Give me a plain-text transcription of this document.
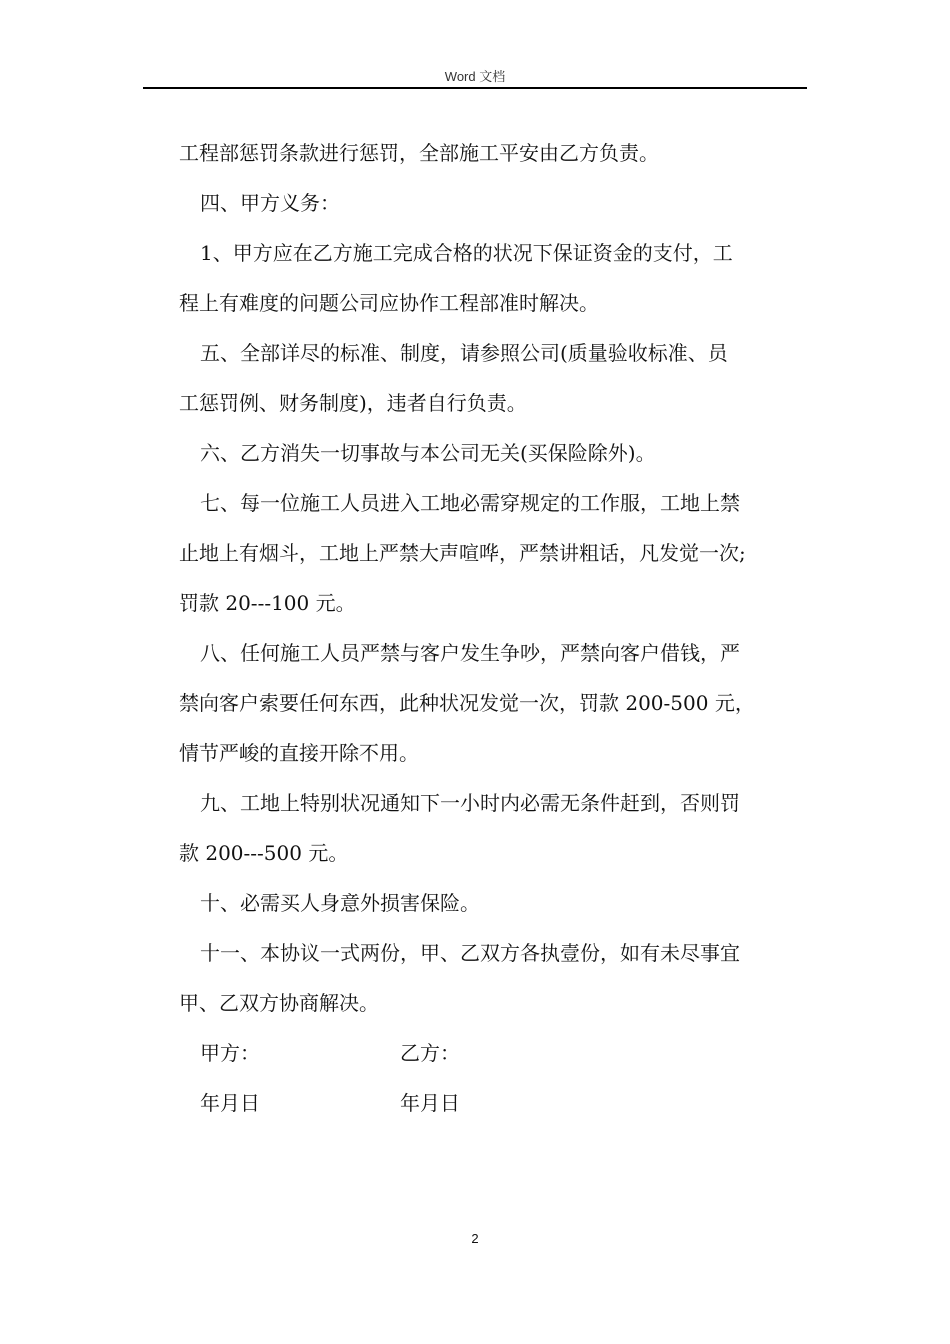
Word 文档
工程部惩罚条款进行惩罚，全部施工平安由乙方负责。
四、甲方义务：
1、甲方应在乙方施工完成合格的状况下保证资金的支付，工
程上有难度的问题公司应协作工程部准时解决。
五、全部详尽的标准、制度，请参照公司(质量验收标准、员
工惩罚例、财务制度)，违者自行负责。
六、乙方消失一切事故与本公司无关(买保险除外)。
七、每一位施工人员进入工地必需穿规定的工作服，工地上禁
止地上有烟斗，工地上严禁大声喧哗，严禁讲粗话，凡发觉一次;
罚款 20---100 元。
八、任何施工人员严禁与客户发生争吵，严禁向客户借钱，严
禁向客户索要任何东西，此种状况发觉一次，罚款 200-500 元，
情节严峻的直接开除不用。
九、工地上特别状况通知下一小时内必需无条件赶到，否则罚
款 200---500 元。
十、必需买人身意外损害保险。
十一、本协议一式两份，甲、乙双方各执壹份，如有未尽事宜
甲、乙双方协商解决。
甲方：	乙方：
年月日	年月日
2
